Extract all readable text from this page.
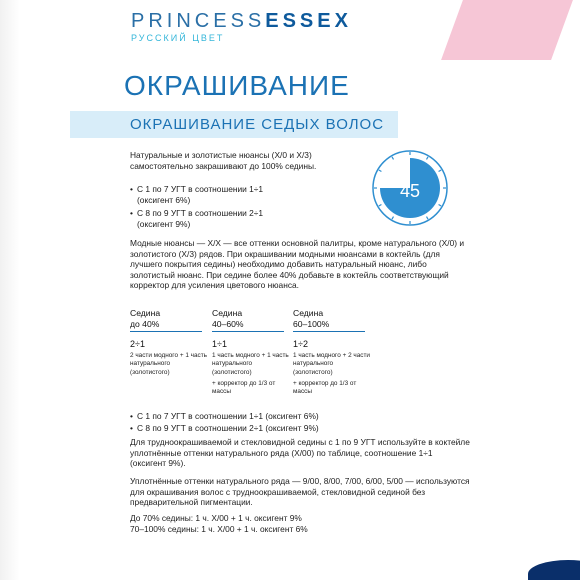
PRINCESSESSEX
РУССКИЙ ЦВЕТ
ОКРАШИВАНИЕ
ОКРАШИВАНИЕ СЕДЫХ ВОЛОС
Натуральные и золотистые нюансы (X/0 и X/3) самостоятельно закрашивают до 100% седины.
• С 1 по 7 УГТ в соотношении 1÷1
(оксигент 6%)
• С 8 по 9 УГТ в соотношении 2÷1
(оксигент 9%)
45
Модные нюансы — X/X — все оттенки основной палитры, кроме натурального (X/0) и золотистого (X/3) рядов. При окрашивании модными нюансами в коктейль (для лучшего покрытия седины) необходимо добавить натуральный нюанс, либо золотистый нюанс. При седине более 40% добавьте в коктейль соответствующий корректор для усиления цветового нюанса.
Седина
до 40%
Седина
40–60%
Седина
60–100%
2÷1	1÷1	1÷2
2 части модного + 1 часть натурального (золотистого)
1 часть модного + 1 часть натурального (золотистого)
1 часть модного + 2 части натурального (золотистого)
+ корректор до 1/3 от массы
+ корректор до 1/3 от массы
• С 1 по 7 УГТ в соотношении 1÷1 (оксигент 6%)
• С 8 по 9 УГТ в соотношении 2÷1 (оксигент 9%)
Для трудноокрашиваемой и стекловидной седины с 1 по 9 УГТ используйте в коктейле уплотнённые оттенки натурального ряда (X/00) по таблице, соотношение 1÷1 (оксигент 9%).
Уплотнённые оттенки натурального ряда — 9/00, 8/00, 7/00, 6/00, 5/00 — используются для окрашивания волос с трудноокрашиваемой, стекловидной сединой без предварительной пигментации.
До 70% седины: 1 ч. X/00 + 1 ч. оксигент 9%
70–100% седины: 1 ч. X/00 + 1 ч. оксигент 6%
